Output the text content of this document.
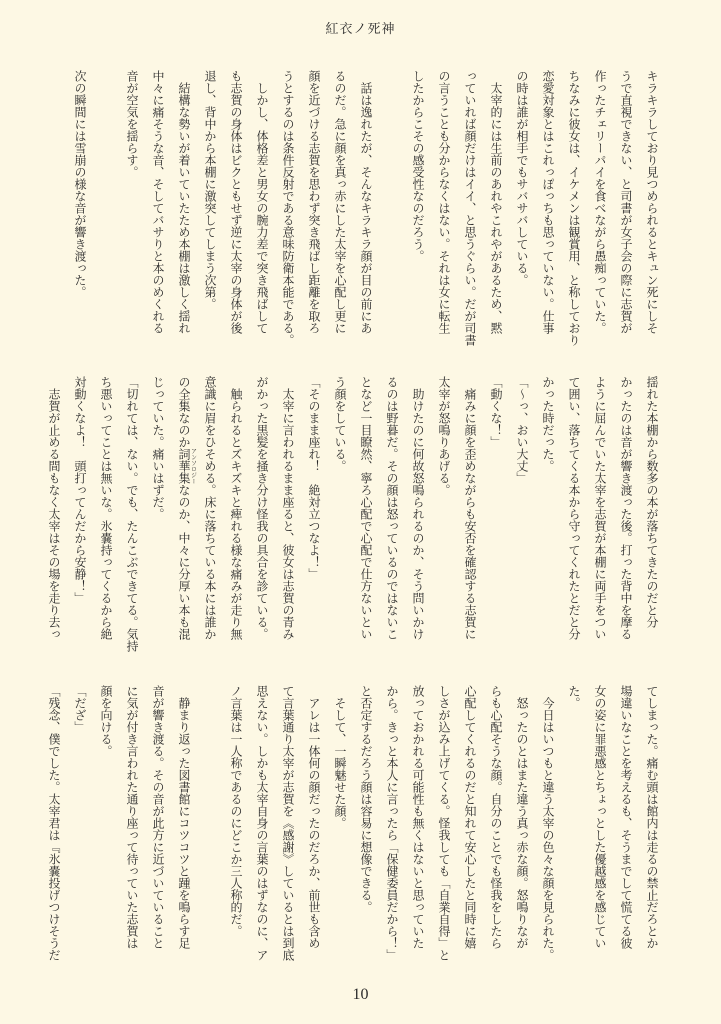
紅衣ノ死神

キラキラしており見つめられるとキュン死にしそ

うで直視できない、と司書が女子会の際に志賀が

作ったチェリーパイを食べながら愚痴っていた。

ちなみに彼女は、イケメンは観賞用、と称しており

恋愛対象とはこれっぽっちも思っていない。仕事

の時は誰が相手でもサバサバしている。

　太宰的には生前のあれやこれやがあるため、黙

っていれば顔だけはイイ、と思うぐらい。だが司書

の言うことも分からなくはない。それは女に転生

したからこその感受性なのだろう。

　話は逸れたが、そんなキラキラ顔が目の前にあ

るのだ。急に顔を真っ赤にした太宰を心配し更に

顔を近づける志賀を思わず突き飛ばし距離を取ろ

うとするのは条件反射である意味防衛本能である。

　しかし、体格差と男女の腕力差で突き飛ばして

も志賀の身体はビクともせず逆に太宰の身体が後

退し、背中から本棚に激突してしまう次第。

　結構な勢いが着いていたため本棚は激しく揺れ

中々に痛そうな音、そしてバサりと本のめくれる

音が空気を揺らす。

次の瞬間には雪崩の様な音が響き渡った。

揺れた本棚から数多の本が落ちてきたのだと分

かったのは音が響き渡った後。打った背中を摩る

ように屈んでいた太宰を志賀が本棚に両手をつい

て囲い、落ちてくる本から守ってくれたとだと分

かった時だった。

「～っ、おい大丈」

「動くな！」

　痛みに顔を歪めながらも安否を確認する志賀に

太宰が怒鳴りあげる。

　助けたのに何故怒鳴られるのか、そう問いかけ

るのは野暮だ。その顔は怒っているのではないこ

となど一目瞭然、寧ろ心配で心配で仕方ないとい

う顔をしている。

「そのまま座れ！　絶対立つなよ！」

　太宰に言われるまま座ると、彼女は志賀の青み

がかった黒髪を掻き分け怪我の具合を診ている。

　触られるとズキズキと痺れる様な痛みが走り無

意識に眉をひそめる。床に落ちている本には誰か

の全集なのか詞華集アンソロジーなのか、中々に分厚い本も混

じっていた。痛いはずだ。

「切れては、ない。でも、たんこぶできてる。気持

ち悪いってことは無いな。氷嚢持ってくるから絶

対動くなよ！　頭打ってんだから安静！」

　志賀が止める間もなく太宰はその場を走り去っ

てしまった。痛む頭は館内は走るの禁止だろとか

場違いなことを考えるも、そうまでして慌てる彼

女の姿に罪悪感とちょっとした優越感を感じてい

た。

　今日はいつもと違う太宰の色々な顔を見られた。

　怒ったのとはまた違う真っ赤な顔。怒鳴りなが

らも心配そうな顔。自分のことでも怪我をしたら

心配してくれるのだと知れて安心したと同時に嬉

しさが込み上げてくる。怪我しても「自業自得」と

放っておかれる可能性も無くはないと思っていた

から。きっと本人に言ったら「保健委員だから！」

と否定するだろう顔は容易に想像できる。

　そして、一瞬魅せた顔。

　アレは一体何の顔だったのだろか、前世も含め

て言葉通り太宰が志賀を《感謝》しているとは到底

思えない。しかも太宰自身の言葉のはずなのに、ア

ノ言葉は一人称であるのにどこか三人称的だ。

　静まり返った図書館にコツコツと踵を鳴らす足

音が響き渡る。その音が此方に近づいていること

に気が付き言われた通り座って待っていた志賀は

顔を向ける。

「だざ」

「残念、僕でした。太宰君は『氷嚢投げつけそうだ

10
